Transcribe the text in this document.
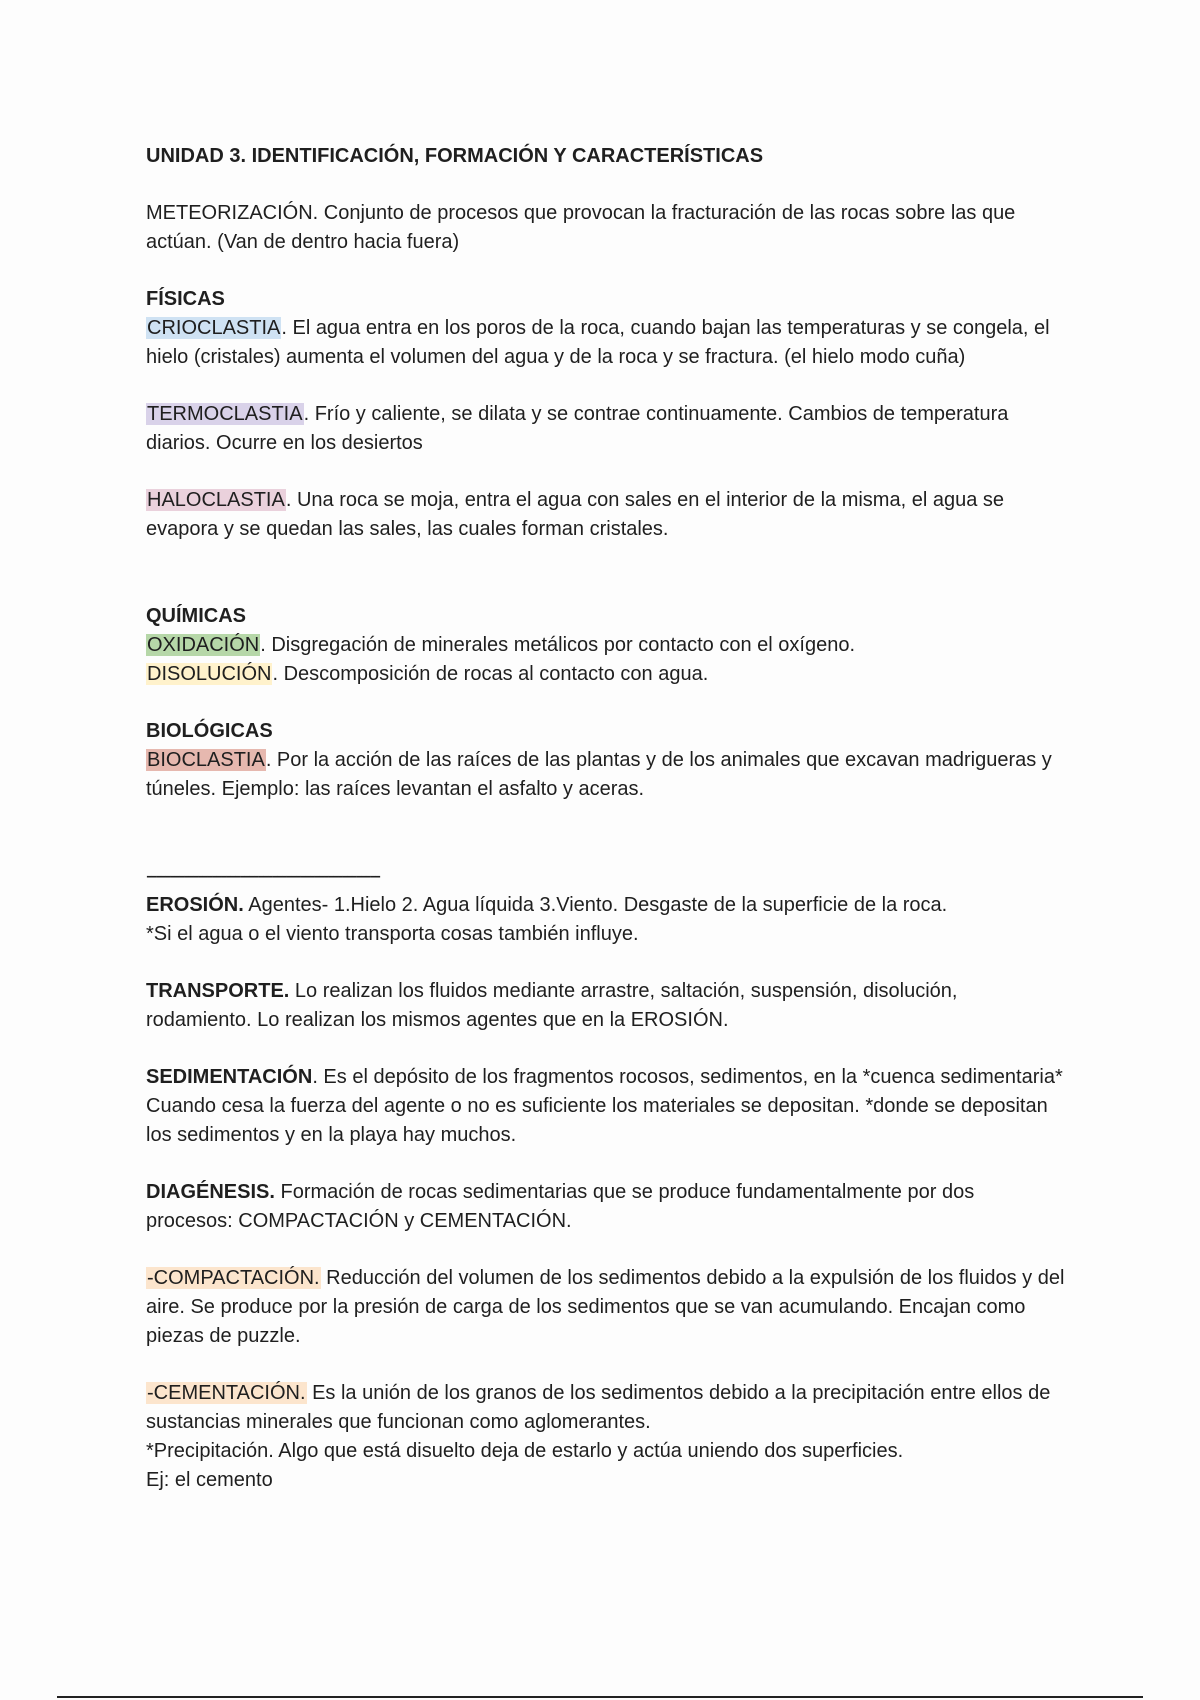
UNIDAD 3. IDENTIFICACIÓN, FORMACIÓN Y CARACTERÍSTICAS

METEORIZACIÓN. Conjunto de procesos que provocan la fracturación de las rocas sobre las que actúan. (Van de dentro hacia fuera)

FÍSICAS

CRIOCLASTIA. El agua entra en los poros de la roca, cuando bajan las temperaturas y se congela, el hielo (cristales) aumenta el volumen del agua y de la roca y se fractura. (el hielo modo cuña)

TERMOCLASTIA. Frío y caliente, se dilata y se contrae continuamente. Cambios de temperatura diarios. Ocurre en los desiertos

HALOCLASTIA. Una roca se moja, entra el agua con sales en el interior de la misma, el agua se evapora y se quedan las sales, las cuales forman cristales.

QUÍMICAS

OXIDACIÓN. Disgregación de minerales metálicos por contacto con el oxígeno.

DISOLUCIÓN. Descomposición de rocas al contacto con agua.

BIOLÓGICAS

BIOCLASTIA. Por la acción de las raíces de las plantas y de los animales que excavan madrigueras y túneles. Ejemplo: las raíces levantan el asfalto y aceras.

--------------------------------------------------

EROSIÓN. Agentes- 1.Hielo 2. Agua líquida 3.Viento. Desgaste de la superficie de la roca.

*Si el agua o el viento transporta cosas también influye.

TRANSPORTE. Lo realizan los fluidos mediante arrastre, saltación, suspensión, disolución, rodamiento. Lo realizan los mismos agentes que en la EROSIÓN.

SEDIMENTACIÓN. Es el depósito de los fragmentos rocosos, sedimentos, en la *cuenca sedimentaria* Cuando cesa la fuerza del agente o no es suficiente los materiales se depositan. *donde se depositan los sedimentos y en la playa hay muchos.

DIAGÉNESIS. Formación de rocas sedimentarias que se produce fundamentalmente por dos procesos: COMPACTACIÓN y CEMENTACIÓN.

-COMPACTACIÓN. Reducción del volumen de los sedimentos debido a la expulsión de los fluidos y del aire. Se produce por la presión de carga de los sedimentos que se van acumulando. Encajan como piezas de puzzle.

-CEMENTACIÓN. Es la unión de los granos de los sedimentos debido a la precipitación entre ellos de sustancias minerales que funcionan como aglomerantes.

*Precipitación. Algo que está disuelto deja de estarlo y actúa uniendo dos superficies.

Ej: el cemento
